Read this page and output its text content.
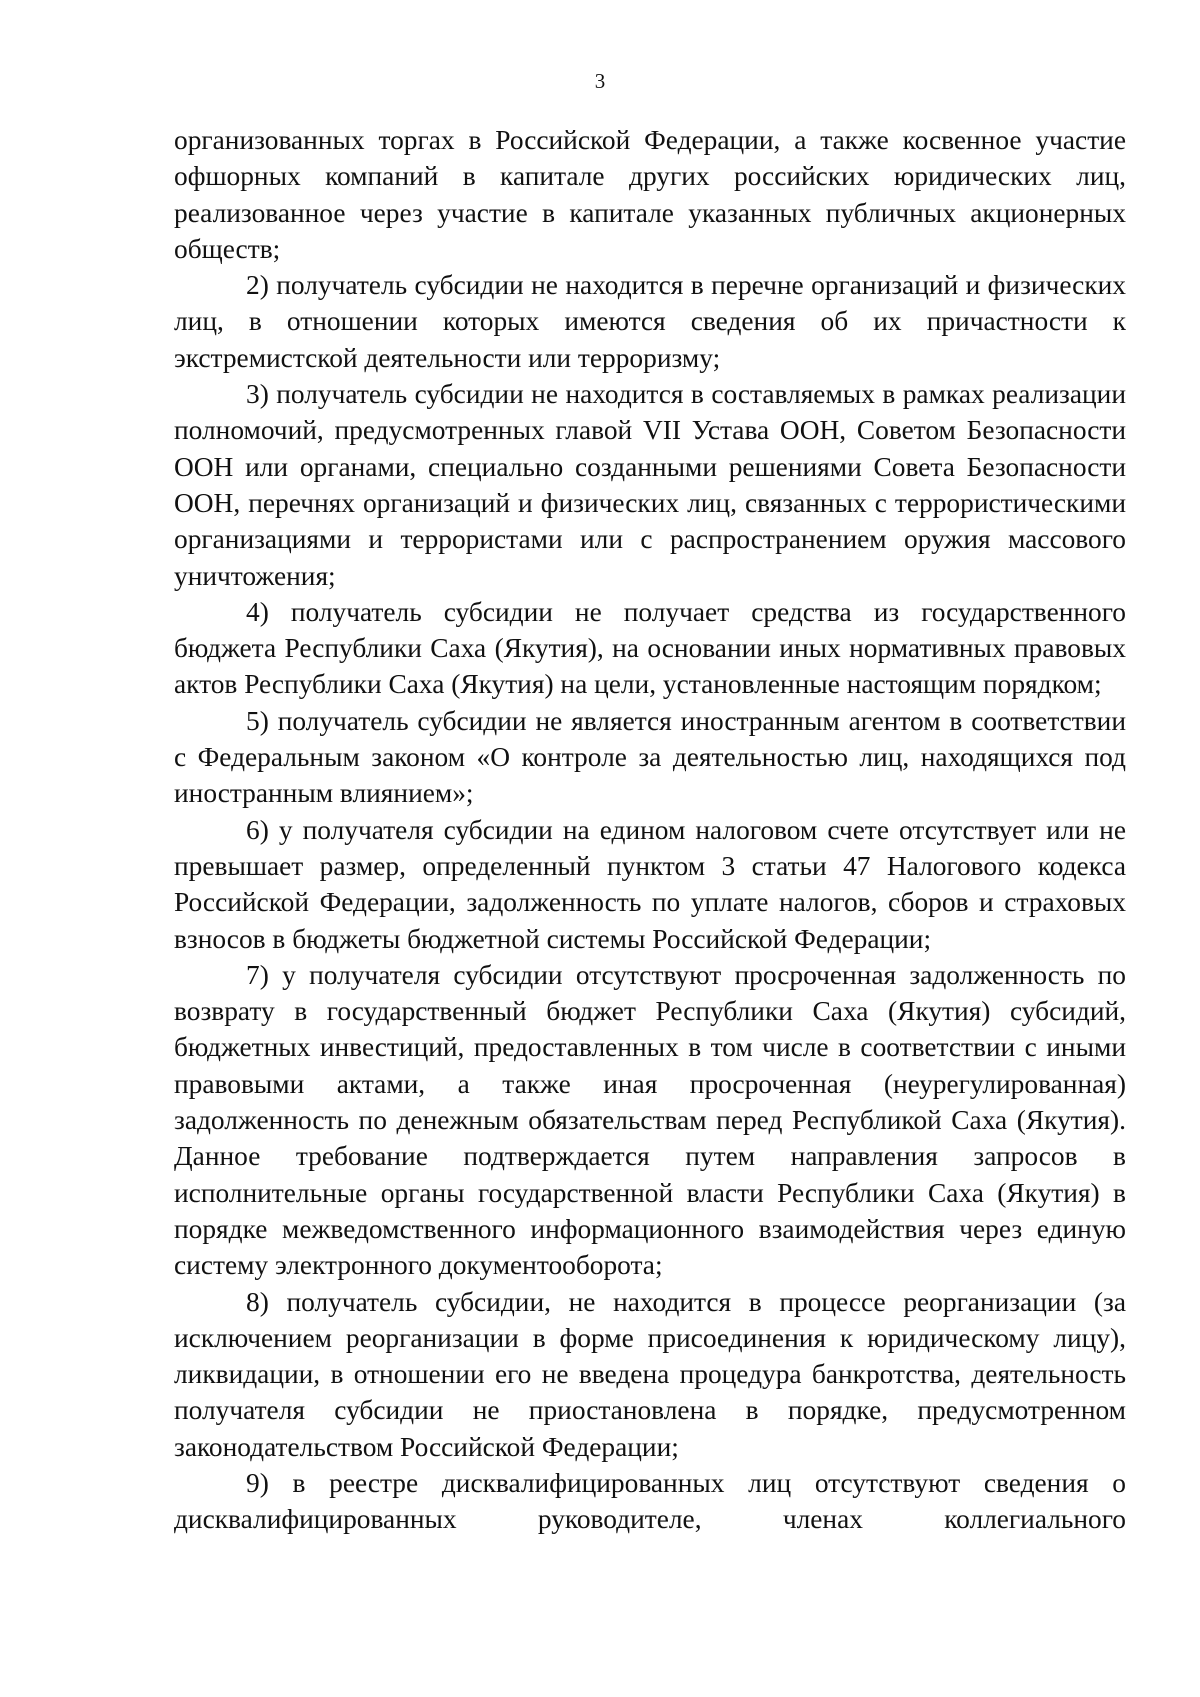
3

организованных торгах в Российской Федерации, а также косвенное участие офшорных компаний в капитале других российских юридических лиц, реализованное через участие в капитале указанных публичных акционерных обществ;

2) получатель субсидии не находится в перечне организаций и физических лиц, в отношении которых имеются сведения об их причастности к экстремистской деятельности или терроризму;

3) получатель субсидии не находится в составляемых в рамках реализации полномочий, предусмотренных главой VII Устава ООН, Советом Безопасности ООН или органами, специально созданными решениями Совета Безопасности ООН, перечнях организаций и физических лиц, связанных с террористическими организациями и террористами или с распространением оружия массового уничтожения;

4) получатель субсидии не получает средства из государственного бюджета Республики Саха (Якутия), на основании иных нормативных правовых актов Республики Саха (Якутия) на цели, установленные настоящим порядком;

5) получатель субсидии не является иностранным агентом в соответствии с Федеральным законом «О контроле за деятельностью лиц, находящихся под иностранным влиянием»;

6) у получателя субсидии на едином налоговом счете отсутствует или не превышает размер, определенный пунктом 3 статьи 47 Налогового кодекса Российской Федерации, задолженность по уплате налогов, сборов и страховых взносов в бюджеты бюджетной системы Российской Федерации;

7) у получателя субсидии отсутствуют просроченная задолженность по возврату в государственный бюджет Республики Саха (Якутия) субсидий, бюджетных инвестиций, предоставленных в том числе в соответствии с иными правовыми актами, а также иная просроченная (неурегулированная) задолженность по денежным обязательствам перед Республикой Саха (Якутия). Данное требование подтверждается путем направления запросов в исполнительные органы государственной власти Республики Саха (Якутия) в порядке межведомственного информационного взаимодействия через единую систему электронного документооборота;

8) получатель субсидии, не находится в процессе реорганизации (за исключением реорганизации в форме присоединения к юридическому лицу), ликвидации, в отношении его не введена процедура банкротства, деятельность получателя субсидии не приостановлена в порядке, предусмотренном законодательством Российской Федерации;

9) в реестре дисквалифицированных лиц отсутствуют сведения о дисквалифицированных руководителе, членах коллегиального
